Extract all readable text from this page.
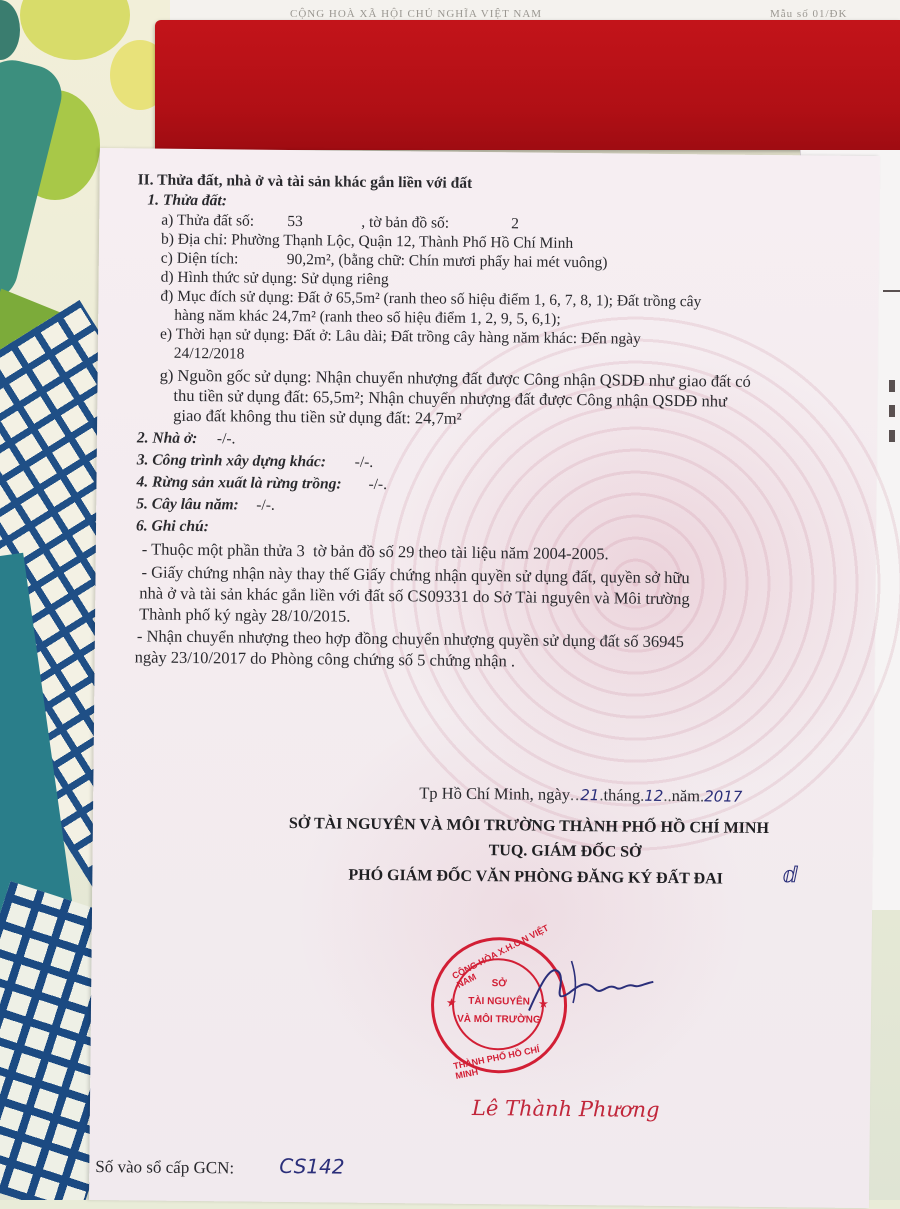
CỘNG HOÀ XÃ HỘI CHỦ NGHĨA VIỆT NAM	Mẫu số 01/ĐK
II. Thửa đất, nhà ở và tài sản khác gắn liền với đất
1. Thửa đất:
a) Thửa đất số: 53	, tờ bản đồ số:	2
b) Địa chỉ: Phường Thạnh Lộc, Quận 12, Thành Phố Hồ Chí Minh
c) Diện tích:	90,2m², (bằng chữ: Chín mươi phẩy hai mét vuông)
d) Hình thức sử dụng: Sử dụng riêng
đ) Mục đích sử dụng: Đất ở 65,5m² (ranh theo số hiệu điểm 1, 6, 7, 8, 1); Đất trồng cây
hàng năm khác 24,7m² (ranh theo số hiệu điểm 1, 2, 9, 5, 6,1);
e) Thời hạn sử dụng: Đất ở: Lâu dài; Đất trồng cây hàng năm khác: Đến ngày
24/12/2018
g) Nguồn gốc sử dụng: Nhận chuyển nhượng đất được Công nhận QSDĐ như giao đất có
thu tiền sử dụng đất: 65,5m²; Nhận chuyển nhượng đất được Công nhận QSDĐ như
giao đất không thu tiền sử dụng đất: 24,7m²
2. Nhà ở: -/-.
3. Công trình xây dựng khác: -/-.
4. Rừng sản xuất là rừng trồng: -/-.
5. Cây lâu năm: -/-.
6. Ghi chú:
- Thuộc một phần thửa 3  tờ bản đồ số 29 theo tài liệu năm 2004-2005.
- Giấy chứng nhận này thay thế Giấy chứng nhận quyền sử dụng đất, quyền sở hữu
nhà ở và tài sản khác gắn liền với đất số CS09331 do Sở Tài nguyên và Môi trường
Thành phố ký ngày 28/10/2015.
- Nhận chuyển nhượng theo hợp đồng chuyển nhượng quyền sử dụng đất số 36945
ngày 23/10/2017 do Phòng công chứng số 5 chứng nhận .
Tp Hồ Chí Minh, ngày..21.tháng.12..năm.2017
SỞ TÀI NGUYÊN VÀ MÔI TRƯỜNG THÀNH PHỐ HỒ CHÍ MINH
TUQ. GIÁM ĐỐC SỞ
PHÓ GIÁM ĐỐC VĂN PHÒNG ĐĂNG KÝ ĐẤT ĐAI	ⅆ
★	★
CỘNG HÒA X.H.C.N VIỆT NAM
THÀNH PHỐ HỒ CHÍ MINH
SỞ
TÀI NGUYÊN
VÀ MÔI TRƯỜNG
Lê Thành Phương
Số vào sổ cấp GCN: CS142
